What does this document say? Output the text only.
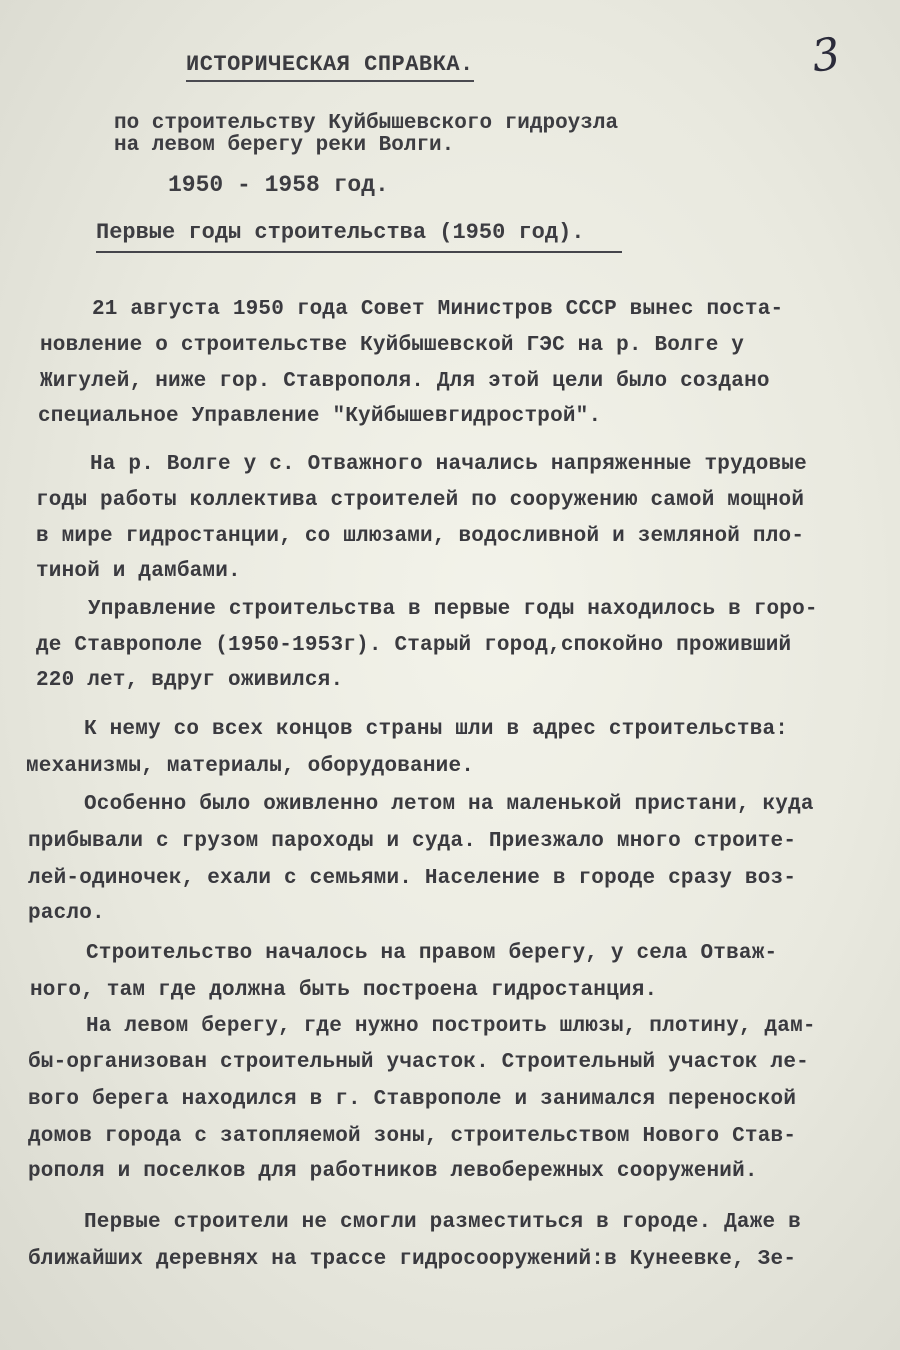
3
ИСТОРИЧЕСКАЯ СПРАВКА.
по строительству Куйбышевского гидроузла
на левом берегу реки Волги.
1950 - 1958 год.
Первые годы строительства (1950 год).
21 августа 1950 года Совет Министров СССР вынес поста-
новление о строительстве Куйбышевской ГЭС на р. Волге у
Жигулей, ниже гор. Ставрополя. Для этой цели было создано
специальное Управление "Куйбышевгидрострой".
На р. Волге у с. Отважного начались напряженные трудовые
годы работы коллектива строителей по сооружению самой мощной
в мире гидростанции, со шлюзами, водосливной и земляной пло-
тиной и дамбами.
Управление строительства в первые годы находилось в горо-
де Ставрополе (1950-1953г). Старый город,спокойно проживший
220 лет, вдруг оживился.
К нему со всех концов страны шли в адрес строительства:
механизмы, материалы, оборудование.
Особенно было оживленно летом на маленькой пристани, куда
прибывали с грузом пароходы и суда. Приезжало много строите-
лей-одиночек, ехали с семьями. Население в городе сразу воз-
расло.
Строительство началось на правом берегу, у села Отваж-
ного, там где должна быть построена гидростанция.
На левом берегу, где нужно построить шлюзы, плотину, дам-
бы-организован строительный участок. Строительный участок ле-
вого берега находился в г. Ставрополе и занимался переноской
домов города с затопляемой зоны, строительством Нового Став-
рополя и поселков для работников левобережных сооружений.
Первые строители не смогли разместиться в городе. Даже в
ближайших деревнях на трассе гидросооружений:в Кунеевке, Зе-
